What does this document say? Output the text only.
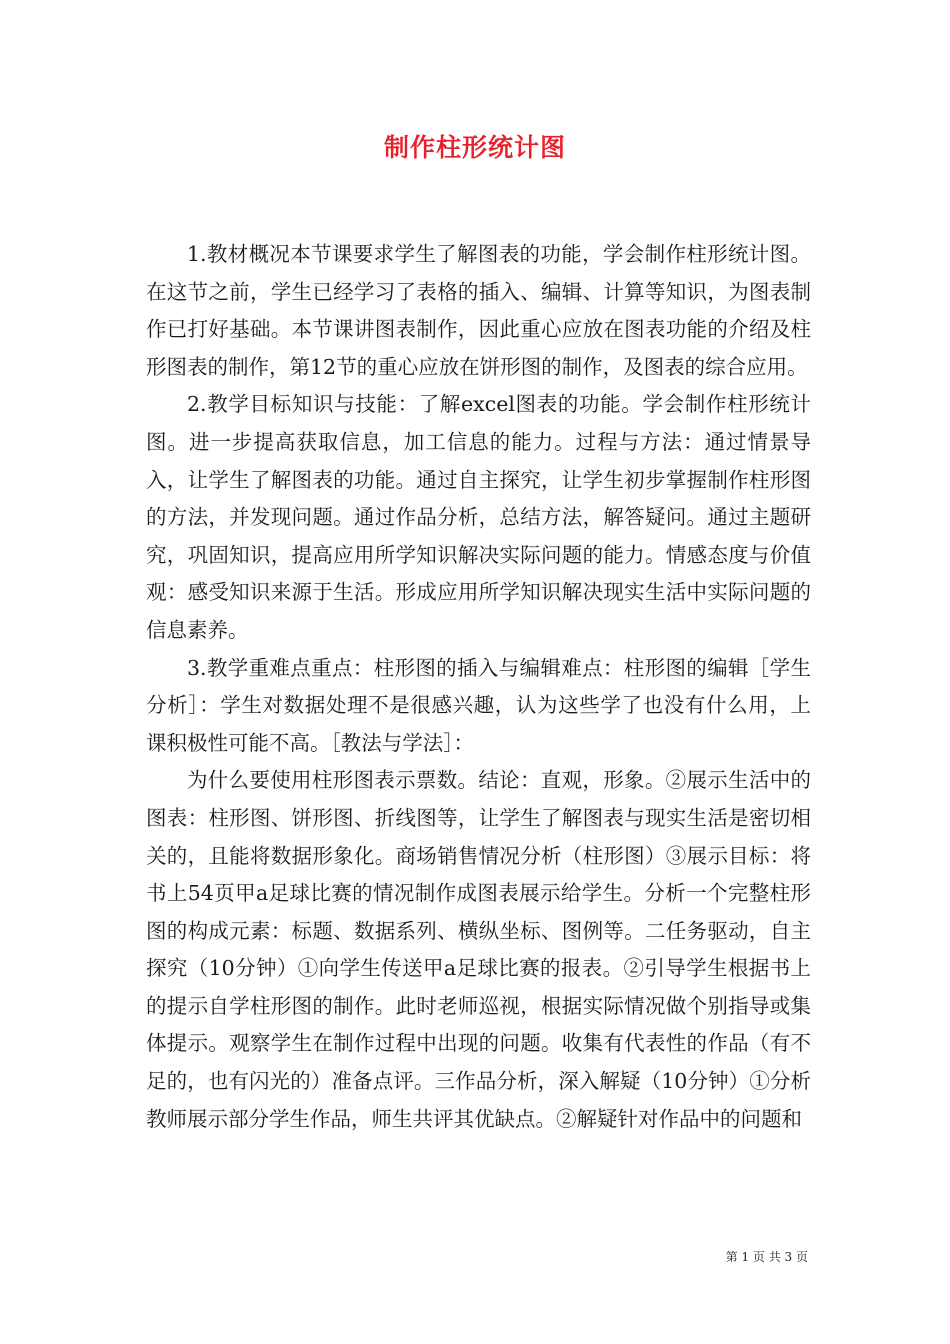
制作柱形统计图

1.教材概况本节课要求学生了解图表的功能，学会制作柱形统计图。在这节之前，学生已经学习了表格的插入、编辑、计算等知识，为图表制作已打好基础。本节课讲图表制作，因此重心应放在图表功能的介绍及柱形图表的制作，第12节的重心应放在饼形图的制作，及图表的综合应用。

2.教学目标知识与技能：了解excel图表的功能。学会制作柱形统计图。进一步提高获取信息，加工信息的能力。过程与方法：通过情景导入，让学生了解图表的功能。通过自主探究，让学生初步掌握制作柱形图的方法，并发现问题。通过作品分析，总结方法，解答疑问。通过主题研究，巩固知识，提高应用所学知识解决实际问题的能力。情感态度与价值观：感受知识来源于生活。形成应用所学知识解决现实生活中实际问题的信息素养。

3.教学重难点重点：柱形图的插入与编辑难点：柱形图的编辑［学生分析］：学生对数据处理不是很感兴趣，认为这些学了也没有什么用，上课积极性可能不高。［教法与学法］：

为什么要使用柱形图表示票数。结论：直观，形象。②展示生活中的图表：柱形图、饼形图、折线图等，让学生了解图表与现实生活是密切相关的，且能将数据形象化。商场销售情况分析（柱形图）③展示目标：将书上54页甲a足球比赛的情况制作成图表展示给学生。分析一个完整柱形图的构成元素：标题、数据系列、横纵坐标、图例等。二任务驱动，自主探究（10分钟）①向学生传送甲a足球比赛的报表。②引导学生根据书上的提示自学柱形图的制作。此时老师巡视，根据实际情况做个别指导或集体提示。观察学生在制作过程中出现的问题。收集有代表性的作品（有不足的，也有闪光的）准备点评。三作品分析，深入解疑（10分钟）①分析教师展示部分学生作品，师生共评其优缺点。②解疑针对作品中的问题和

第 1 页 共 3 页
